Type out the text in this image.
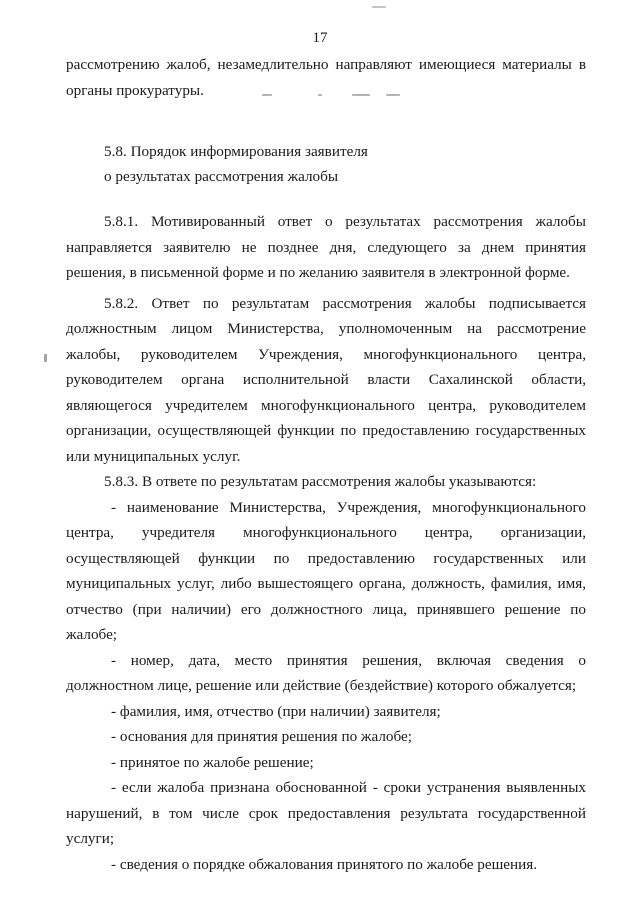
17

рассмотрению жалоб, незамедлительно направляют имеющиеся материалы в органы прокуратуры.

5.8. Порядок информирования заявителя
о результатах рассмотрения жалобы

5.8.1. Мотивированный ответ о результатах рассмотрения жалобы направляется заявителю не позднее дня, следующего за днем принятия решения, в письменной форме и по желанию заявителя в электронной форме.

5.8.2. Ответ по результатам рассмотрения жалобы подписывается должностным лицом Министерства, уполномоченным на рассмотрение жалобы, руководителем Учреждения, многофункционального центра, руководителем органа исполнительной власти Сахалинской области, являющегося учредителем многофункционального центра, руководителем организации, осуществляющей функции по предоставлению государственных или муниципальных услуг.

5.8.3. В ответе по результатам рассмотрения жалобы указываются:

- наименование Министерства, Учреждения, многофункционального центра, учредителя многофункционального центра, организации, осуществляющей функции по предоставлению государственных или муниципальных услуг, либо вышестоящего органа, должность, фамилия, имя, отчество (при наличии) его должностного лица, принявшего решение по жалобе;

- номер, дата, место принятия решения, включая сведения о должностном лице, решение или действие (бездействие) которого обжалуется;

- фамилия, имя, отчество (при наличии) заявителя;

- основания для принятия решения по жалобе;

- принятое по жалобе решение;

- если жалоба признана обоснованной - сроки устранения выявленных нарушений, в том числе срок предоставления результата государственной услуги;

- сведения о порядке обжалования принятого по жалобе решения.
